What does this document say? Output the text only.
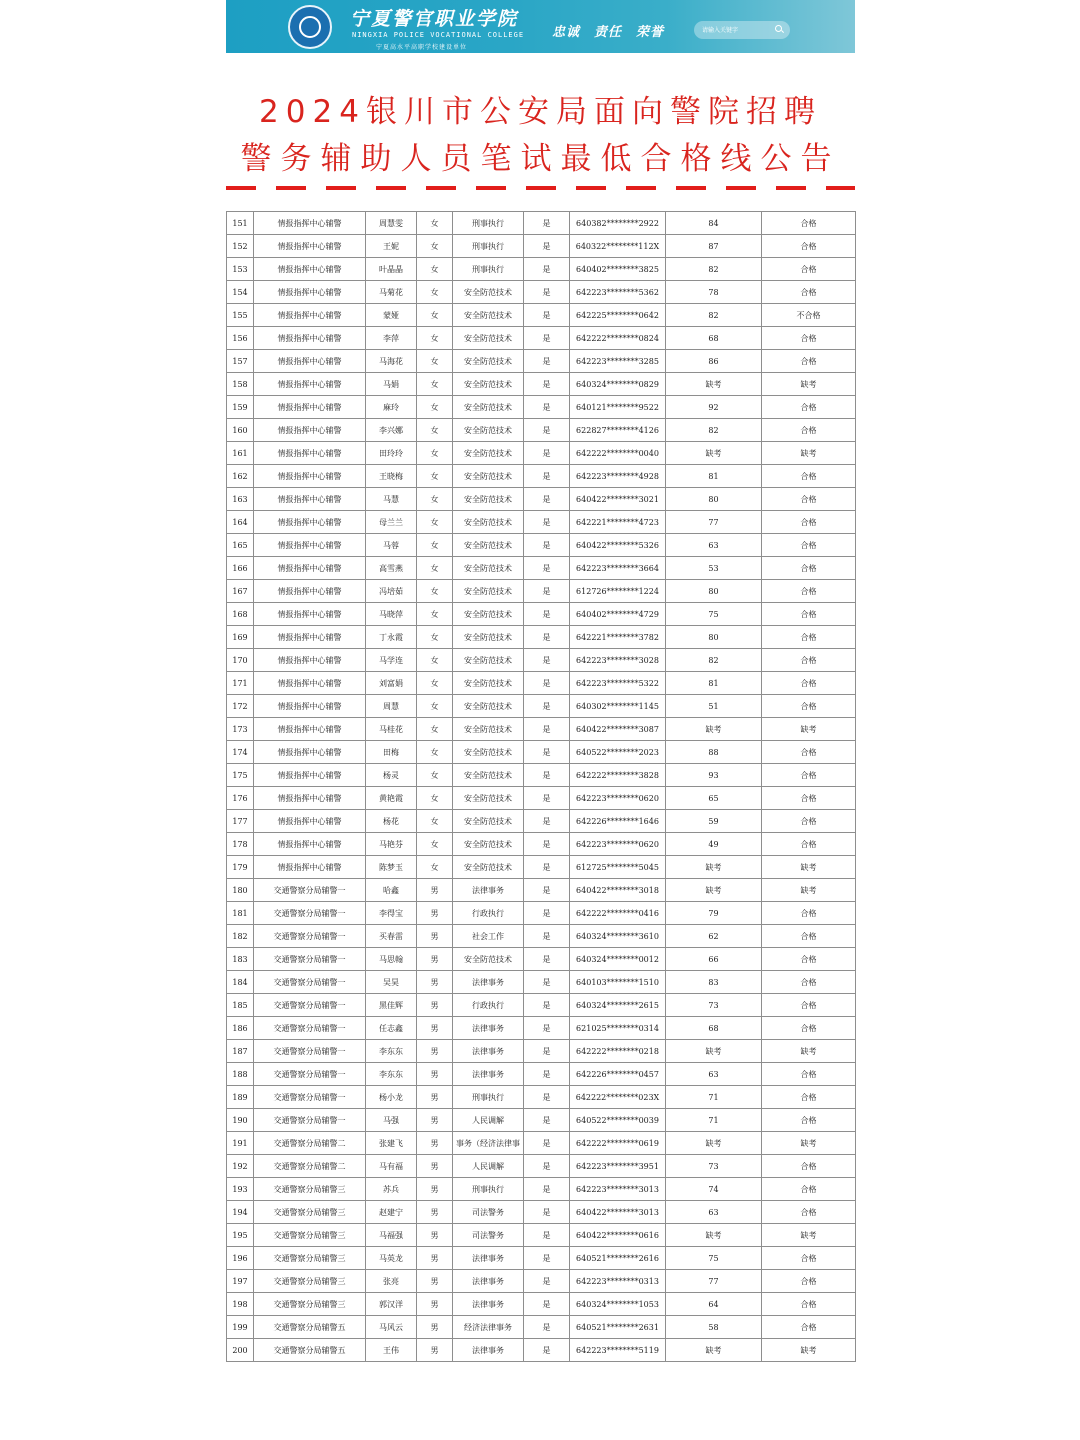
宁夏警官职业学院
NINGXIA POLICE VOCATIONAL COLLEGE
宁夏高水平高职学校建设单位
忠诚 责任 荣誉	请输入关键字
2024银川市公安局面向警院招聘
警务辅助人员笔试最低合格线公告
151	情报指挥中心辅警	周慧雯	女	刑事执行	是	640382********2922	84	合格
152	情报指挥中心辅警	王妮	女	刑事执行	是	640322********112X	87	合格
153	情报指挥中心辅警	叶晶晶	女	刑事执行	是	640402********3825	82	合格
154	情报指挥中心辅警	马菊花	女	安全防范技术	是	642223********5362	78	合格
155	情报指挥中心辅警	蒙娅	女	安全防范技术	是	642225********0642	82	不合格
156	情报指挥中心辅警	李萍	女	安全防范技术	是	642222********0824	68	合格
157	情报指挥中心辅警	马海花	女	安全防范技术	是	642223********3285	86	合格
158	情报指挥中心辅警	马娟	女	安全防范技术	是	640324********0829	缺考	缺考
159	情报指挥中心辅警	麻玲	女	安全防范技术	是	640121********9522	92	合格
160	情报指挥中心辅警	李兴娜	女	安全防范技术	是	622827********4126	82	合格
161	情报指挥中心辅警	田玲玲	女	安全防范技术	是	642222********0040	缺考	缺考
162	情报指挥中心辅警	王晓梅	女	安全防范技术	是	642223********4928	81	合格
163	情报指挥中心辅警	马慧	女	安全防范技术	是	640422********3021	80	合格
164	情报指挥中心辅警	母兰兰	女	安全防范技术	是	642221********4723	77	合格
165	情报指挥中心辅警	马蓉	女	安全防范技术	是	640422********5326	63	合格
166	情报指挥中心辅警	高雪燕	女	安全防范技术	是	642223********3664	53	合格
167	情报指挥中心辅警	冯培茹	女	安全防范技术	是	612726********1224	80	合格
168	情报指挥中心辅警	马晓萍	女	安全防范技术	是	640402********4729	75	合格
169	情报指挥中心辅警	丁永霞	女	安全防范技术	是	642221********3782	80	合格
170	情报指挥中心辅警	马学连	女	安全防范技术	是	642223********3028	82	合格
171	情报指挥中心辅警	刘富娟	女	安全防范技术	是	642223********5322	81	合格
172	情报指挥中心辅警	周慧	女	安全防范技术	是	640302********1145	51	合格
173	情报指挥中心辅警	马桂花	女	安全防范技术	是	640422********3087	缺考	缺考
174	情报指挥中心辅警	田梅	女	安全防范技术	是	640522********2023	88	合格
175	情报指挥中心辅警	杨灵	女	安全防范技术	是	642222********3828	93	合格
176	情报指挥中心辅警	黄艳霞	女	安全防范技术	是	642223********0620	65	合格
177	情报指挥中心辅警	杨花	女	安全防范技术	是	642226********1646	59	合格
178	情报指挥中心辅警	马艳芬	女	安全防范技术	是	642223********0620	49	合格
179	情报指挥中心辅警	陈梦玉	女	安全防范技术	是	612725********5045	缺考	缺考
180	交通警察分局辅警一	哈鑫	男	法律事务	是	640422********3018	缺考	缺考
181	交通警察分局辅警一	李得宝	男	行政执行	是	642222********0416	79	合格
182	交通警察分局辅警一	买春雷	男	社会工作	是	640324********3610	62	合格
183	交通警察分局辅警一	马思翰	男	安全防范技术	是	640324********0012	66	合格
184	交通警察分局辅警一	吴昊	男	法律事务	是	640103********1510	83	合格
185	交通警察分局辅警一	黑佳辉	男	行政执行	是	640324********2615	73	合格
186	交通警察分局辅警一	任志鑫	男	法律事务	是	621025********0314	68	合格
187	交通警察分局辅警一	李东东	男	法律事务	是	642222********0218	缺考	缺考
188	交通警察分局辅警一	李东东	男	法律事务	是	642226********0457	63	合格
189	交通警察分局辅警一	杨小龙	男	刑事执行	是	642222********023X	71	合格
190	交通警察分局辅警一	马强	男	人民调解	是	640522********0039	71	合格
191	交通警察分局辅警二	张建飞	男	事务（经济法律事	是	642222********0619	缺考	缺考
192	交通警察分局辅警二	马有福	男	人民调解	是	642223********3951	73	合格
193	交通警察分局辅警三	苏兵	男	刑事执行	是	642223********3013	74	合格
194	交通警察分局辅警三	赵建宁	男	司法警务	是	640422********3013	63	合格
195	交通警察分局辅警三	马福强	男	司法警务	是	640422********0616	缺考	缺考
196	交通警察分局辅警三	马英龙	男	法律事务	是	640521********2616	75	合格
197	交通警察分局辅警三	张亮	男	法律事务	是	642223********0313	77	合格
198	交通警察分局辅警三	郭汉洋	男	法律事务	是	640324********1053	64	合格
199	交通警察分局辅警五	马风云	男	经济法律事务	是	640521********2631	58	合格
200	交通警察分局辅警五	王伟	男	法律事务	是	642223********5119	缺考	缺考
